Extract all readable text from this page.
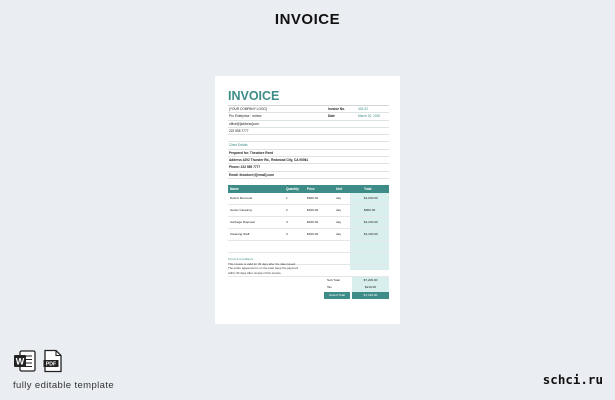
INVOICE
INVOICE
[YOUR COMPANY LOGO]	Invoice No.	432-02
Pro Enterprise · review	Date	March 20, 2030
office@[address]com
222 555 7777
Client Details
Prepared for: Theodore Reed
Address 4292 Thunder Rd., Redwood City, CA 90061
Phone: 222 555 7777
Email: theodore@[email].com
Name	Quantity	Price	Unit	Total
Debris Removal	1	$900.00	day	$1,000.00
Gutter Cleaning	2	$400.00	day	$800.00
Garbage Disposal	3	$400.00	day	$1,200.00
Cleaning Staff	3	$400.00	day	$1,200.00
Sub Total	$7,200.00
Tax	$216.00
Grand Total	$7,416.00
Terms & Conditions
This invoice is valid for 30 days after the date issued.
The entire agreement is on the total; keep the payment
within 30 days after receipt of this invoice.
W	PDF
fully editable template	schci.ru
